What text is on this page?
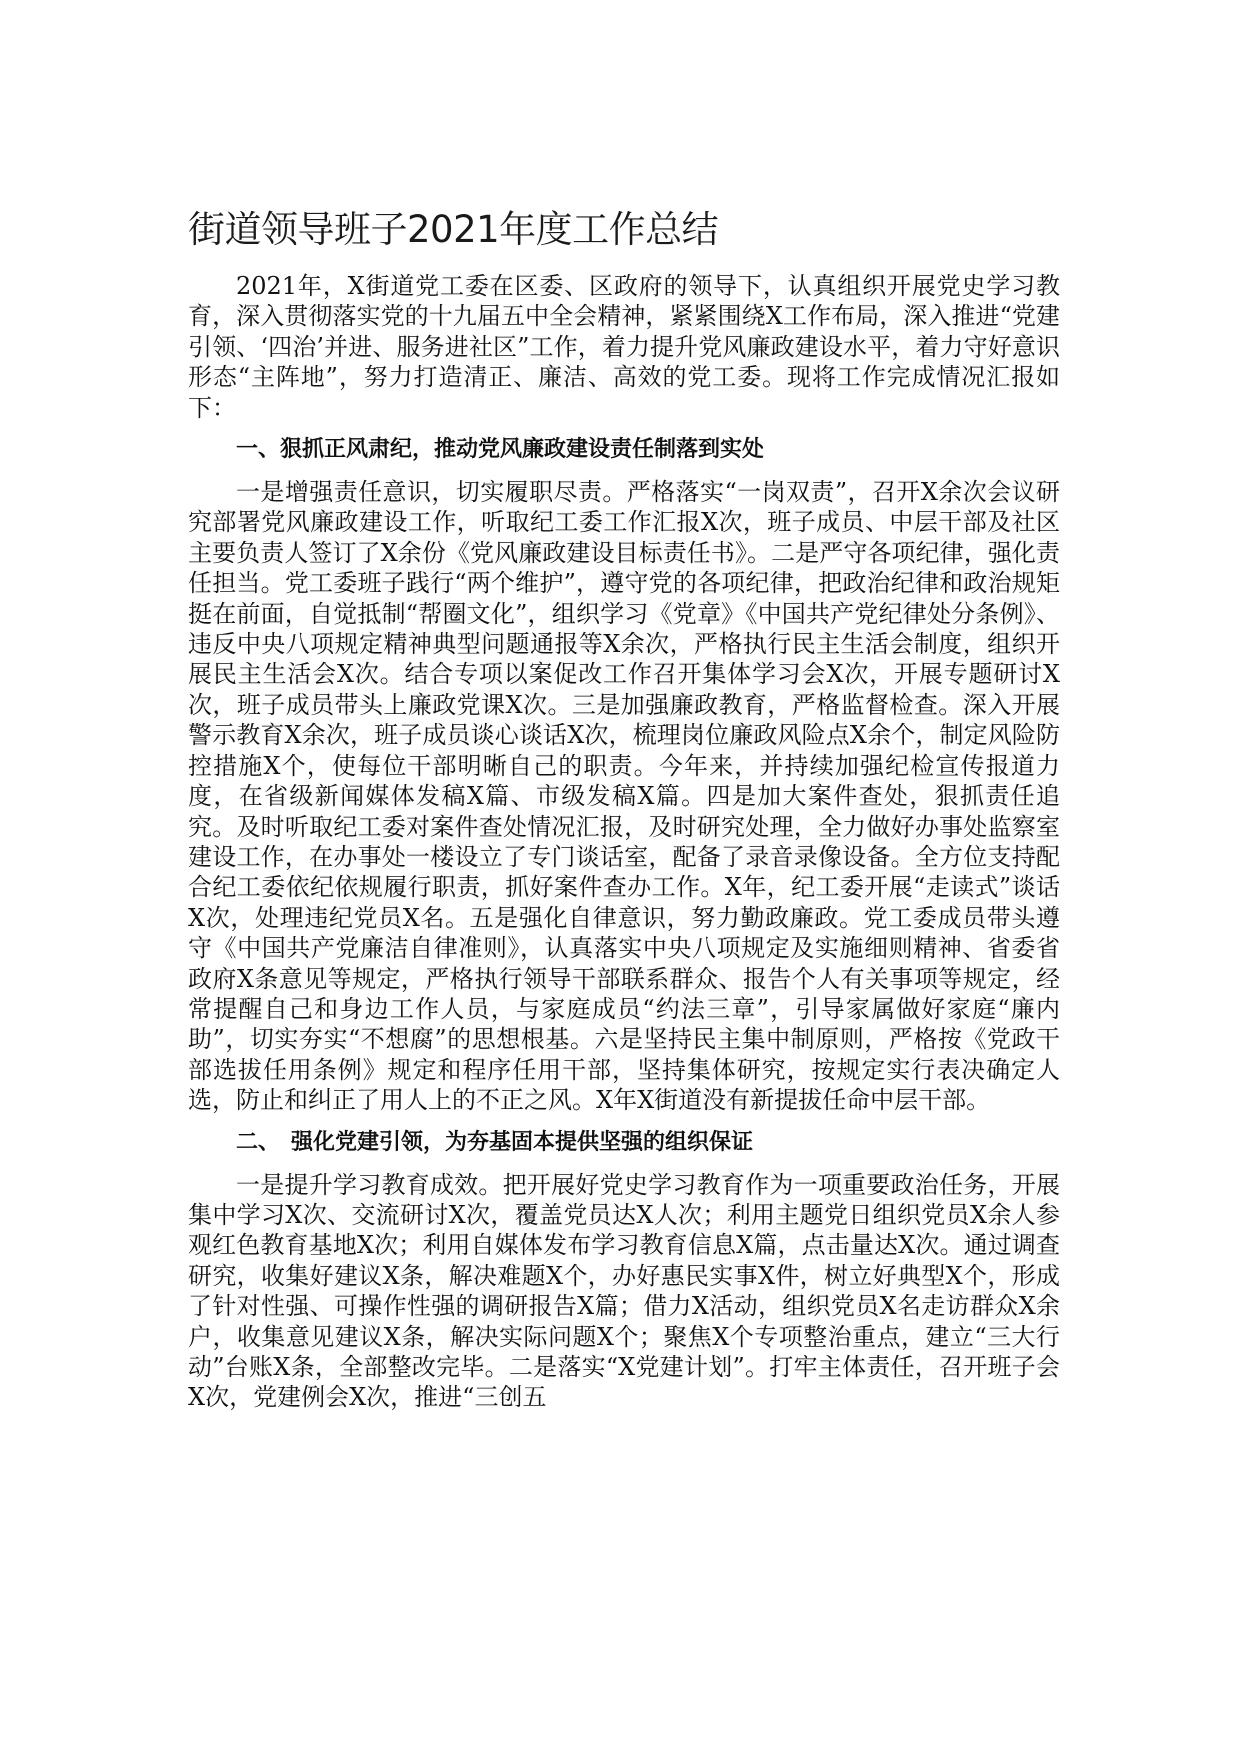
街道领导班子2021年度工作总结

2021年，X街道党工委在区委、区政府的领导下，认真组织开展党史学习教育，深入贯彻落实党的十九届五中全会精神，紧紧围绕X工作布局，深入推进“党建引领、‘四治’并进、服务进社区”工作，着力提升党风廉政建设水平，着力守好意识形态“主阵地”，努力打造清正、廉洁、高效的党工委。现将工作完成情况汇报如下：

一、狠抓正风肃纪，推动党风廉政建设责任制落到实处

一是增强责任意识，切实履职尽责。严格落实“一岗双责”，召开X余次会议研究部署党风廉政建设工作，听取纪工委工作汇报X次，班子成员、中层干部及社区主要负责人签订了X余份《党风廉政建设目标责任书》。二是严守各项纪律，强化责任担当。党工委班子践行“两个维护”，遵守党的各项纪律，把政治纪律和政治规矩挺在前面，自觉抵制“帮圈文化”，组织学习《党章》《中国共产党纪律处分条例》、违反中央八项规定精神典型问题通报等X余次，严格执行民主生活会制度，组织开展民主生活会X次。结合专项以案促改工作召开集体学习会X次，开展专题研讨X次，班子成员带头上廉政党课X次。三是加强廉政教育，严格监督检查。深入开展警示教育X余次，班子成员谈心谈话X次，梳理岗位廉政风险点X余个，制定风险防控措施X个，使每位干部明晰自己的职责。今年来，并持续加强纪检宣传报道力度，在省级新闻媒体发稿X篇、市级发稿X篇。四是加大案件查处，狠抓责任追究。及时听取纪工委对案件查处情况汇报，及时研究处理，全力做好办事处监察室建设工作，在办事处一楼设立了专门谈话室，配备了录音录像设备。全方位支持配合纪工委依纪依规履行职责，抓好案件查办工作。X年，纪工委开展“走读式”谈话X次，处理违纪党员X名。五是强化自律意识，努力勤政廉政。党工委成员带头遵守《中国共产党廉洁自律准则》，认真落实中央八项规定及实施细则精神、省委省政府X条意见等规定，严格执行领导干部联系群众、报告个人有关事项等规定，经常提醒自己和身边工作人员，与家庭成员“约法三章”，引导家属做好家庭“廉内助”，切实夯实“不想腐”的思想根基。六是坚持民主集中制原则，严格按《党政干部选拔任用条例》规定和程序任用干部，坚持集体研究，按规定实行表决确定人选，防止和纠正了用人上的不正之风。X年X街道没有新提拔任命中层干部。

二、　强化党建引领，为夯基固本提供坚强的组织保证

一是提升学习教育成效。把开展好党史学习教育作为一项重要政治任务，开展集中学习X次、交流研讨X次，覆盖党员达X人次；利用主题党日组织党员X余人参观红色教育基地X次；利用自媒体发布学习教育信息X篇，点击量达X次。通过调查研究，收集好建议X条，解决难题X个，办好惠民实事X件，树立好典型X个，形成了针对性强、可操作性强的调研报告X篇；借力X活动，组织党员X名走访群众X余户，收集意见建议X条，解决实际问题X个；聚焦X个专项整治重点，建立“三大行动”台账X条，全部整改完毕。二是落实“X党建计划”。打牢主体责任，召开班子会X次，党建例会X次，推进“三创五
